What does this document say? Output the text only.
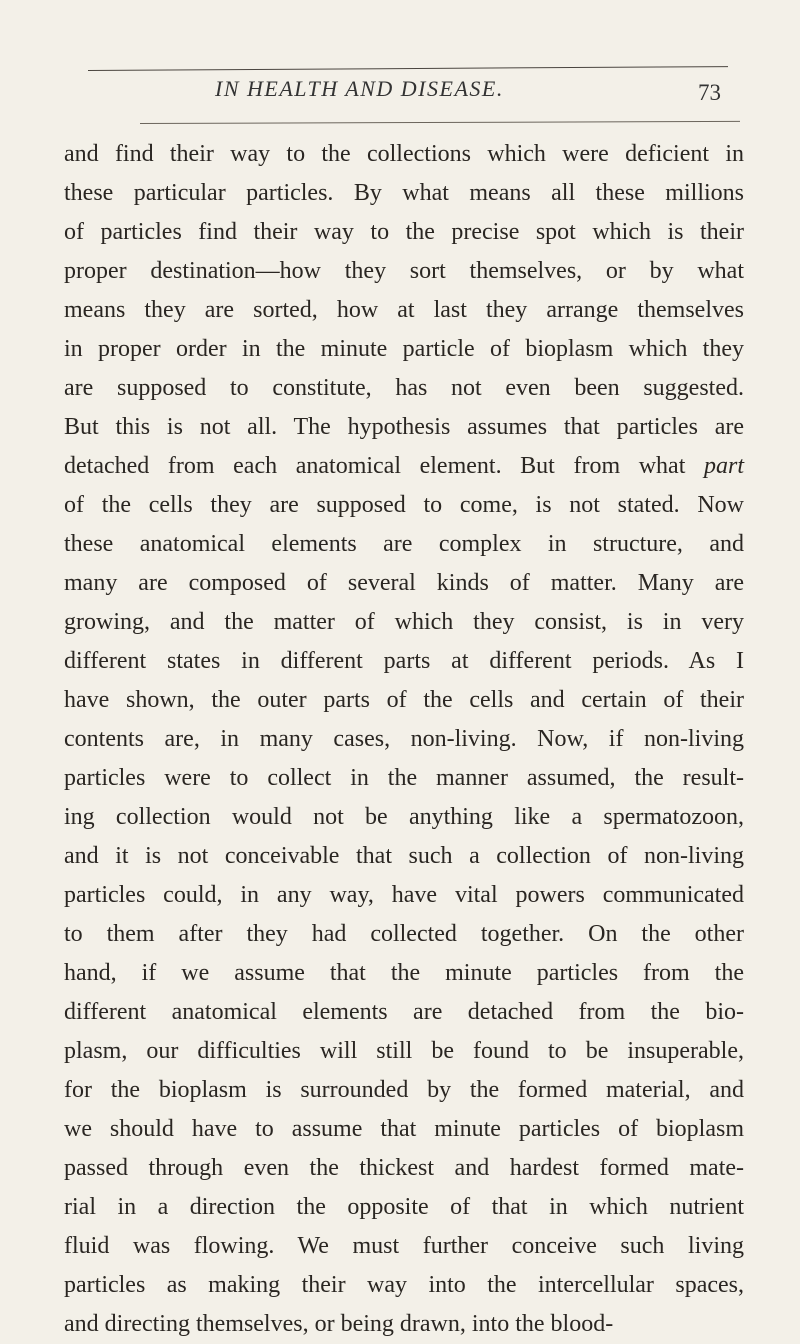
IN HEALTH AND DISEASE.	73
and find their way to the collections which were deficient in
these particular particles. By what means all these millions
of particles find their way to the precise spot which is their
proper destination—how they sort themselves, or by what
means they are sorted, how at last they arrange themselves
in proper order in the minute particle of bioplasm which they
are supposed to constitute, has not even been suggested.
But this is not all. The hypothesis assumes that particles are
detached from each anatomical element. But from what part
of the cells they are supposed to come, is not stated. Now
these anatomical elements are complex in structure, and
many are composed of several kinds of matter. Many are
growing, and the matter of which they consist, is in very
different states in different parts at different periods. As I
have shown, the outer parts of the cells and certain of their
contents are, in many cases, non-living. Now, if non-living
particles were to collect in the manner assumed, the result-
ing collection would not be anything like a spermatozoon,
and it is not conceivable that such a collection of non-living
particles could, in any way, have vital powers communicated
to them after they had collected together. On the other
hand, if we assume that the minute particles from the
different anatomical elements are detached from the bio-
plasm, our difficulties will still be found to be insuperable,
for the bioplasm is surrounded by the formed material, and
we should have to assume that minute particles of bioplasm
passed through even the thickest and hardest formed mate-
rial in a direction the opposite of that in which nutrient
fluid was flowing. We must further conceive such living
particles as making their way into the intercellular spaces,
and directing themselves, or being drawn, into the blood-
